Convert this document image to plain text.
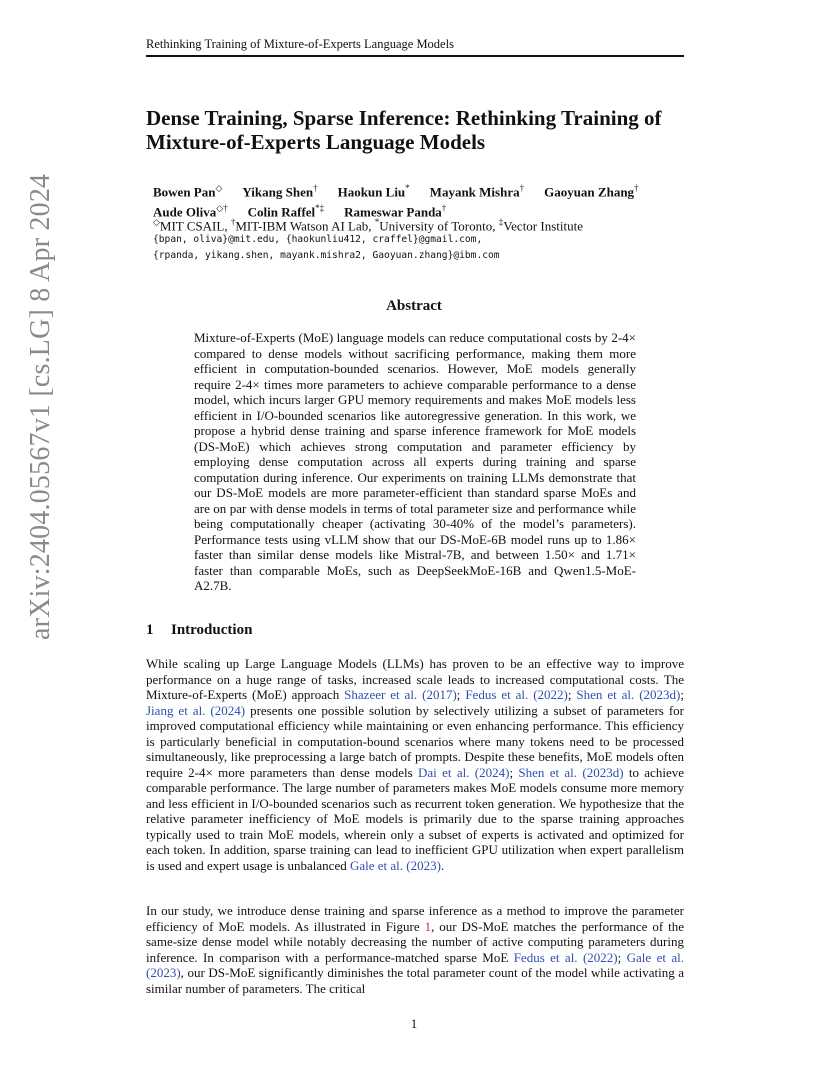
Rethinking Training of Mixture-of-Experts Language Models
arXiv:2404.05567v1 [cs.LG] 8 Apr 2024
Dense Training, Sparse Inference: Rethinking Training of Mixture-of-Experts Language Models
Bowen Pan◇ Yikang Shen† Haokun Liu* Mayank Mishra† Gaoyuan Zhang†
Aude Oliva◇† Colin Raffel*‡ Rameswar Panda†
◇MIT CSAIL, †MIT-IBM Watson AI Lab, *University of Toronto, ‡Vector Institute
{bpan, oliva}@mit.edu, {haokunliu412, craffel}@gmail.com,
{rpanda, yikang.shen, mayank.mishra2, Gaoyuan.zhang}@ibm.com
Abstract
Mixture-of-Experts (MoE) language models can reduce computational costs by 2-4× compared to dense models without sacrificing performance, making them more efficient in computation-bounded scenarios. However, MoE models generally require 2-4× times more parameters to achieve comparable performance to a dense model, which incurs larger GPU memory requirements and makes MoE models less efficient in I/O-bounded scenarios like autoregressive generation. In this work, we propose a hybrid dense training and sparse inference framework for MoE models (DS-MoE) which achieves strong computation and parameter efficiency by employing dense computation across all experts during training and sparse computation during inference. Our experiments on training LLMs demonstrate that our DS-MoE models are more parameter-efficient than standard sparse MoEs and are on par with dense models in terms of total parameter size and performance while being computationally cheaper (activating 30-40% of the model’s parameters). Performance tests using vLLM show that our DS-MoE-6B model runs up to 1.86× faster than similar dense models like Mistral-7B, and between 1.50× and 1.71× faster than comparable MoEs, such as DeepSeekMoE-16B and Qwen1.5-MoE-A2.7B.
1 Introduction
While scaling up Large Language Models (LLMs) has proven to be an effective way to improve performance on a huge range of tasks, increased scale leads to increased computational costs. The Mixture-of-Experts (MoE) approach Shazeer et al. (2017); Fedus et al. (2022); Shen et al. (2023d); Jiang et al. (2024) presents one possible solution by selectively utilizing a subset of parameters for improved computational efficiency while maintaining or even enhancing performance. This efficiency is particularly beneficial in computation-bound scenarios where many tokens need to be processed simultaneously, like preprocessing a large batch of prompts. Despite these benefits, MoE models often require 2-4× more parameters than dense models Dai et al. (2024); Shen et al. (2023d) to achieve comparable performance. The large number of parameters makes MoE models consume more memory and less efficient in I/O-bounded scenarios such as recurrent token generation. We hypothesize that the relative parameter inefficiency of MoE models is primarily due to the sparse training approaches typically used to train MoE models, wherein only a subset of experts is activated and optimized for each token. In addition, sparse training can lead to inefficient GPU utilization when expert parallelism is used and expert usage is unbalanced Gale et al. (2023).
In our study, we introduce dense training and sparse inference as a method to improve the parameter efficiency of MoE models. As illustrated in Figure 1, our DS-MoE matches the performance of the same-size dense model while notably decreasing the number of active computing parameters during inference. In comparison with a performance-matched sparse MoE Fedus et al. (2022); Gale et al. (2023), our DS-MoE significantly diminishes the total parameter count of the model while activating a similar number of parameters. The critical
1
